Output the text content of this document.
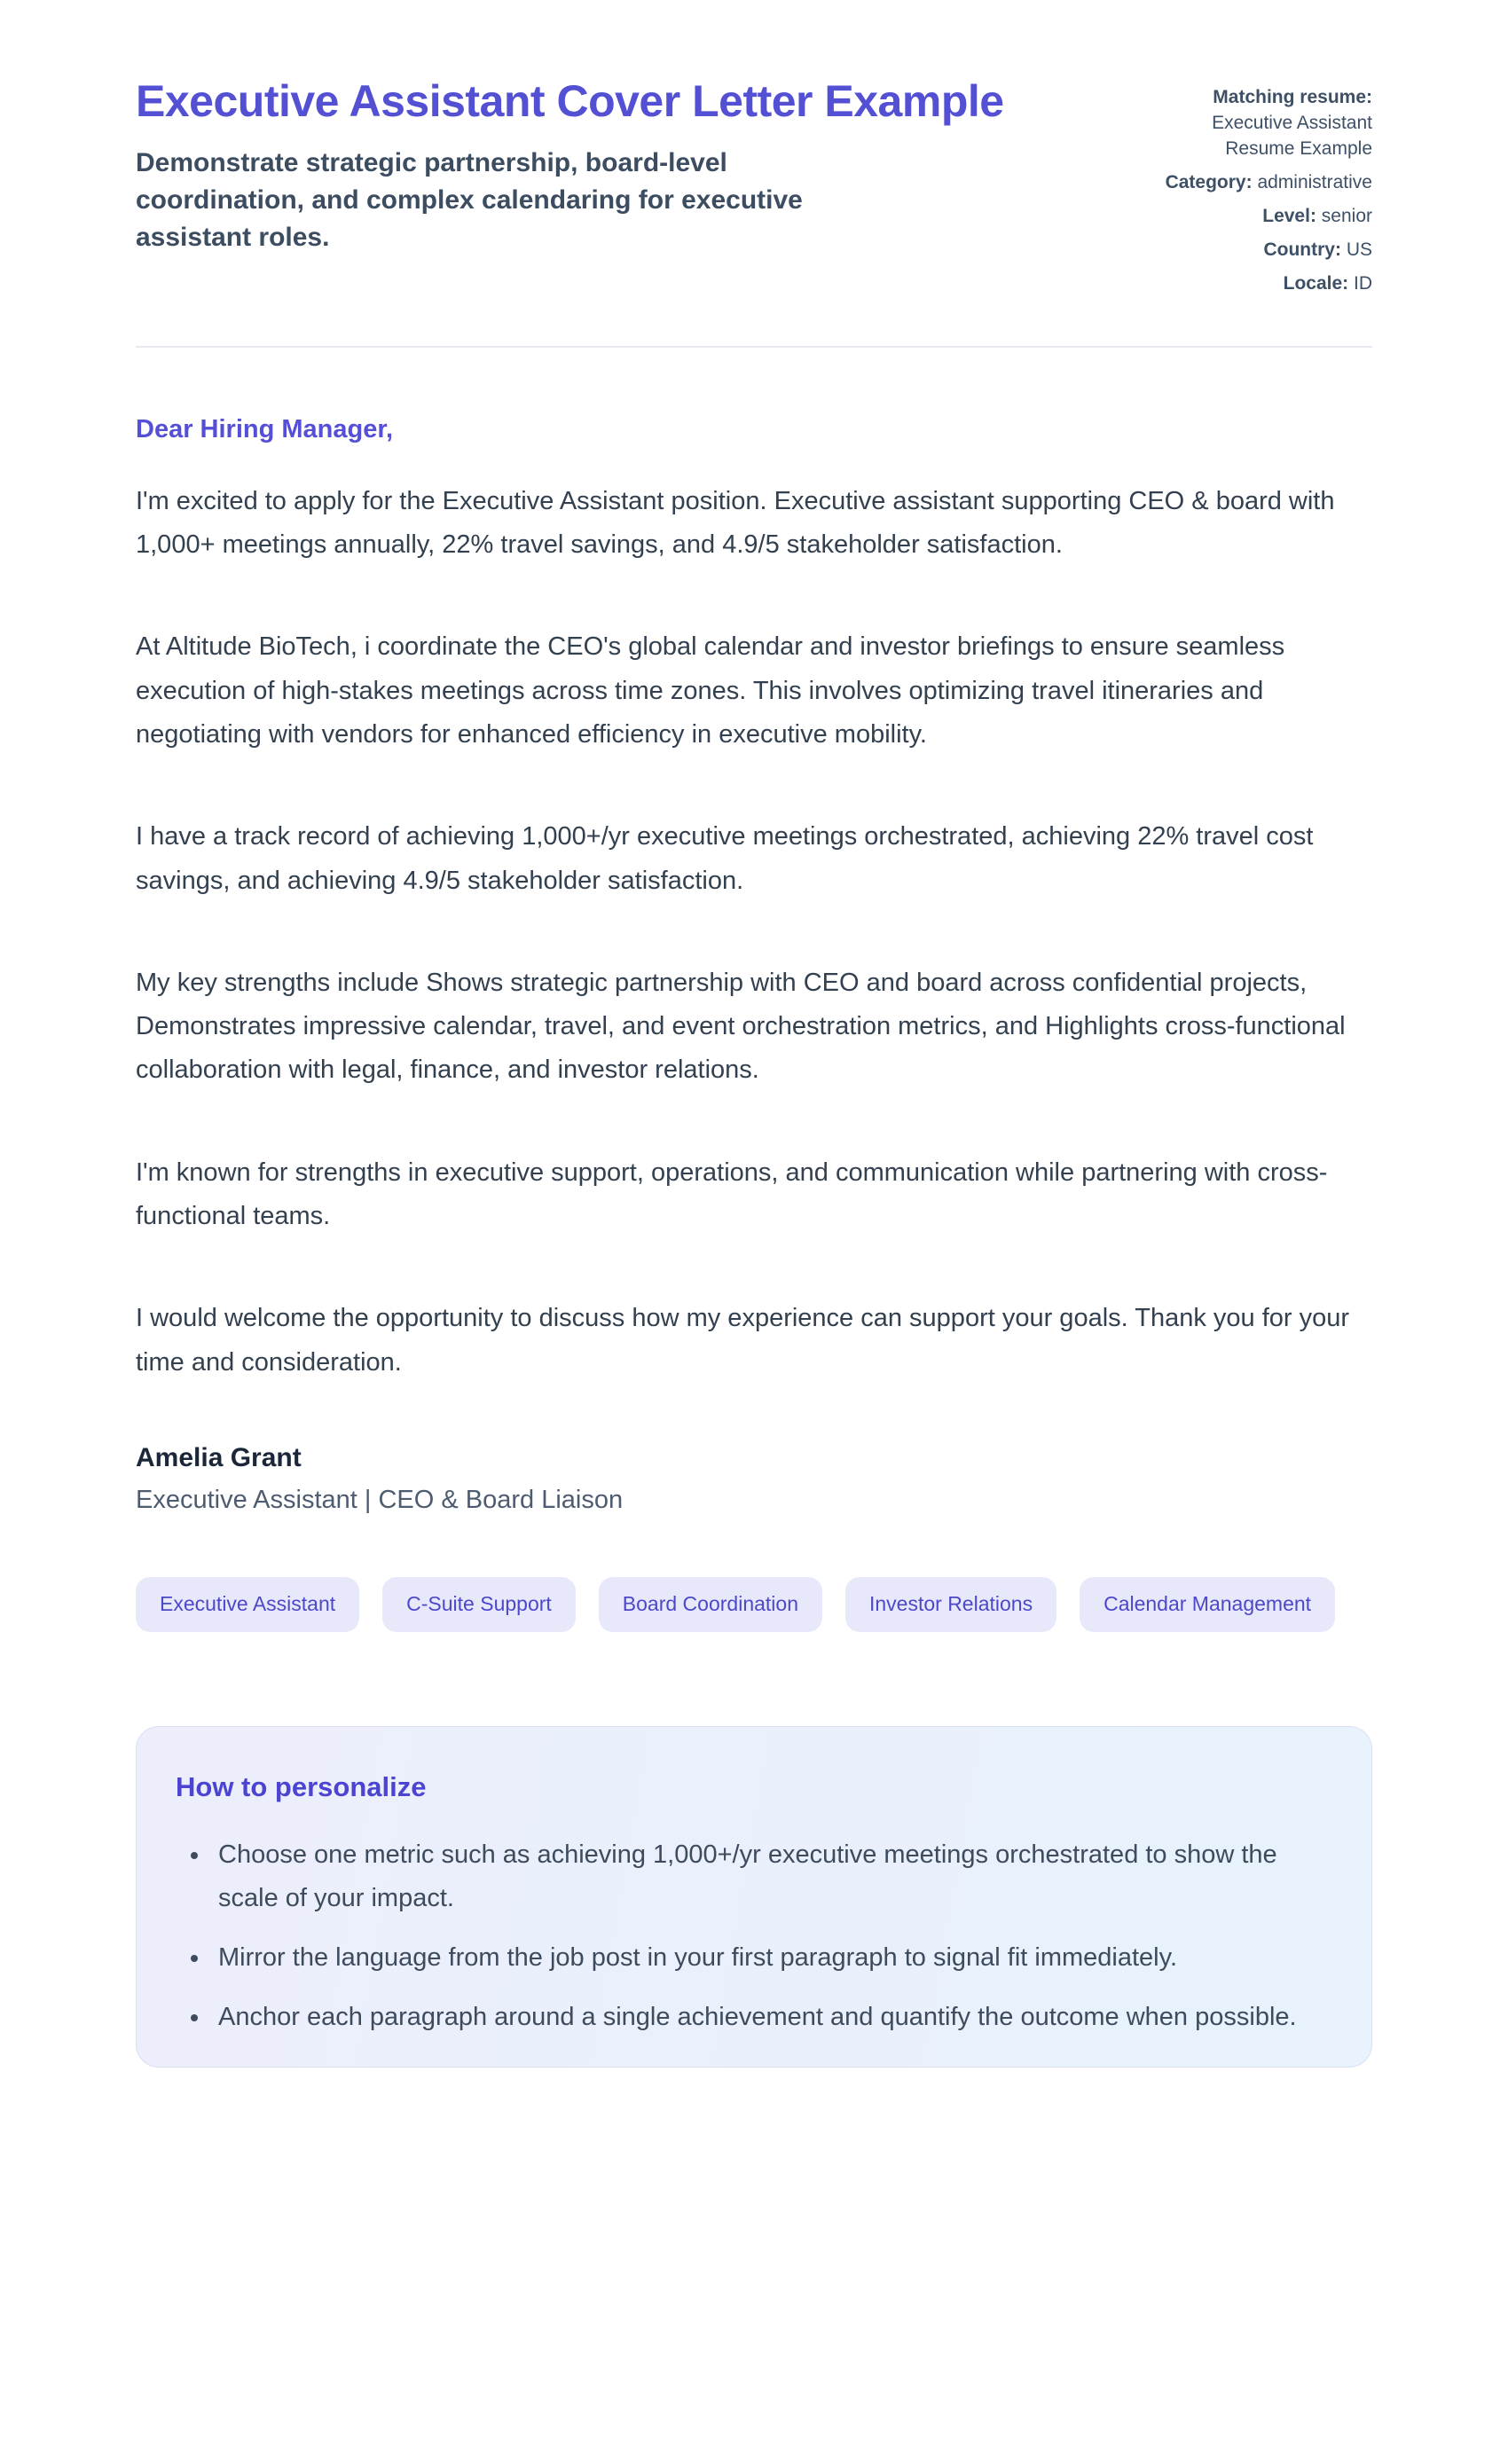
Executive Assistant Cover Letter Example
Demonstrate strategic partnership, board-level coordination, and complex calendaring for executive assistant roles.
Matching resume: Executive Assistant Resume Example
Category: administrative
Level: senior
Country: US
Locale: ID
Dear Hiring Manager,

I'm excited to apply for the Executive Assistant position. Executive assistant supporting CEO & board with 1,000+ meetings annually, 22% travel savings, and 4.9/5 stakeholder satisfaction.

At Altitude BioTech, i coordinate the CEO's global calendar and investor briefings to ensure seamless execution of high-stakes meetings across time zones. This involves optimizing travel itineraries and negotiating with vendors for enhanced efficiency in executive mobility.

I have a track record of achieving 1,000+/yr executive meetings orchestrated, achieving 22% travel cost savings, and achieving 4.9/5 stakeholder satisfaction.

My key strengths include Shows strategic partnership with CEO and board across confidential projects, Demonstrates impressive calendar, travel, and event orchestration metrics, and Highlights cross-functional collaboration with legal, finance, and investor relations.

I'm known for strengths in executive support, operations, and communication while partnering with cross-functional teams.

I would welcome the opportunity to discuss how my experience can support your goals. Thank you for your time and consideration.

Amelia Grant
Executive Assistant | CEO & Board Liaison
Executive Assistant	C-Suite Support	Board Coordination	Investor Relations	Calendar Management
How to personalize
• Choose one metric such as achieving 1,000+/yr executive meetings orchestrated to show the scale of your impact.
• Mirror the language from the job post in your first paragraph to signal fit immediately.
• Anchor each paragraph around a single achievement and quantify the outcome when possible.
